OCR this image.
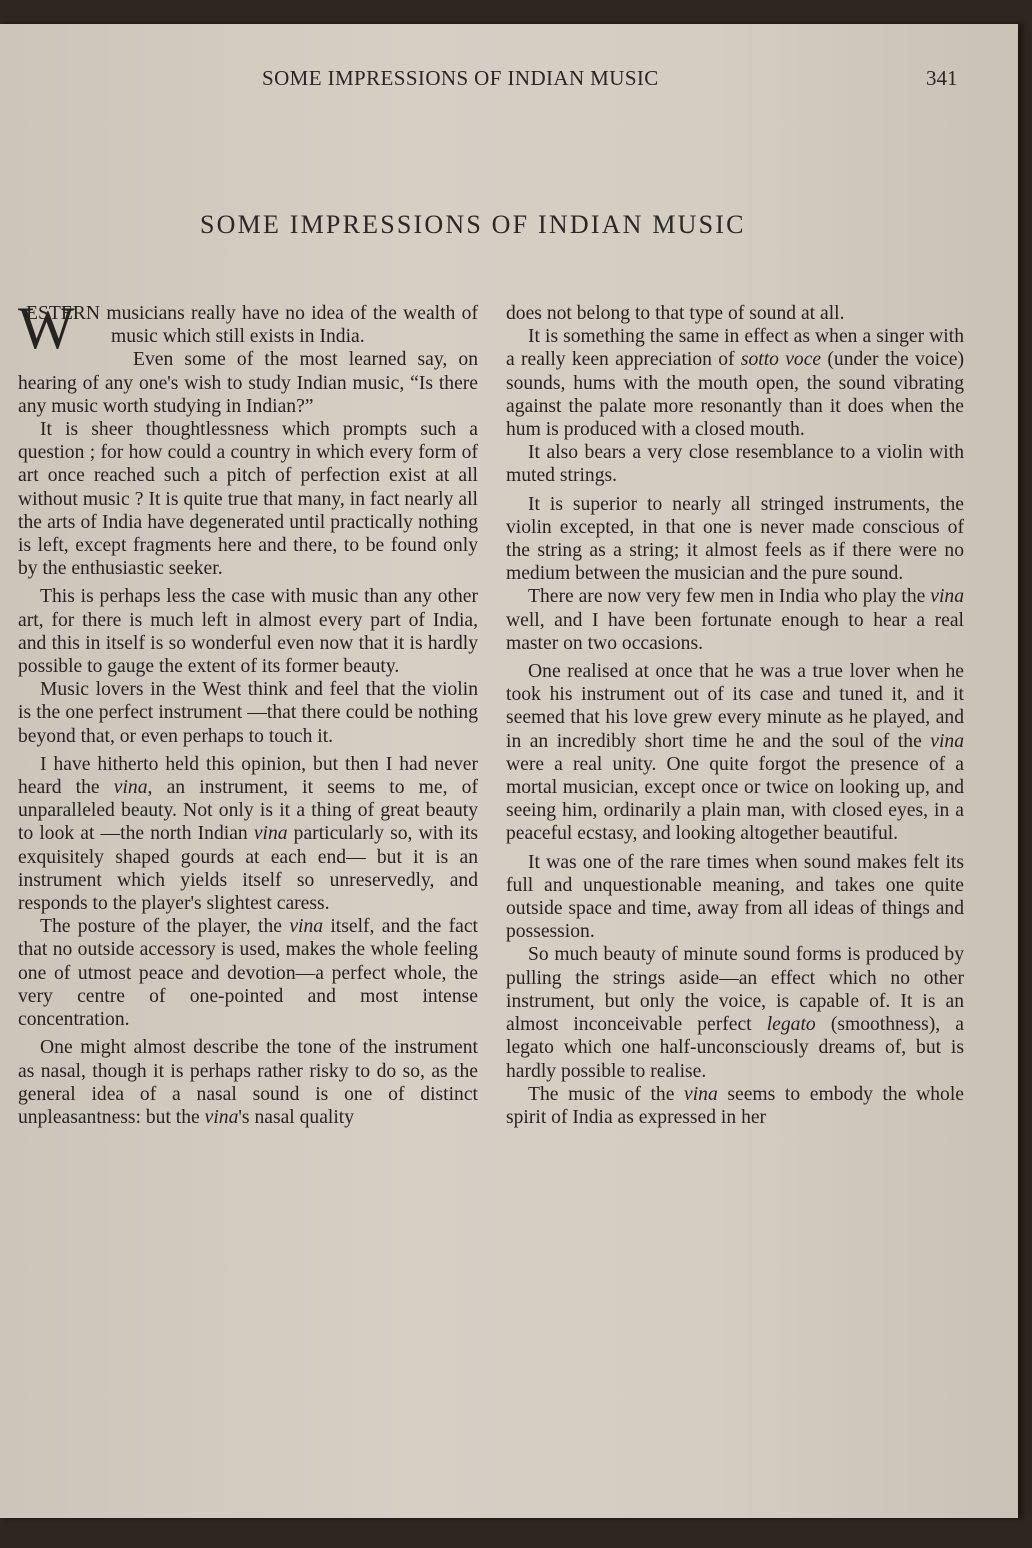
SOME IMPRESSIONS OF INDIAN MUSIC	341
SOME IMPRESSIONS OF INDIAN MUSIC

W
ESTERN musicians really have no idea of the wealth of music which still exists in India.

Even some of the most learned say, on hearing of any one's wish to study Indian music, “Is there any music worth studying in Indian?”

It is sheer thoughtlessness which prompts such a question ; for how could a country in which every form of art once reached such a pitch of perfection exist at all without music ? It is quite true that many, in fact nearly all the arts of India have degenerated until practically nothing is left, except fragments here and there, to be found only by the enthusiastic seeker.

This is perhaps less the case with music than any other art, for there is much left in almost every part of India, and this in itself is so wonderful even now that it is hardly possible to gauge the extent of its former beauty.

Music lovers in the West think and feel that the violin is the one perfect instrument —that there could be nothing beyond that, or even perhaps to touch it.

I have hitherto held this opinion, but then I had never heard the vina, an instrument, it seems to me, of unparalleled beauty. Not only is it a thing of great beauty to look at —the north Indian vina particularly so, with its exquisitely shaped gourds at each end— but it is an instrument which yields itself so unreservedly, and responds to the player's slightest caress.

The posture of the player, the vina itself, and the fact that no outside accessory is used, makes the whole feeling one of utmost peace and devotion—a perfect whole, the very centre of one-pointed and most intense concentration.

One might almost describe the tone of the instrument as nasal, though it is perhaps rather risky to do so, as the general idea of a nasal sound is one of distinct unpleasantness: but the vina's nasal quality

does not belong to that type of sound at all.

It is something the same in effect as when a singer with a really keen appreciation of sotto voce (under the voice) sounds, hums with the mouth open, the sound vibrating against the palate more resonantly than it does when the hum is produced with a closed mouth.

It also bears a very close resemblance to a violin with muted strings.

It is superior to nearly all stringed instruments, the violin excepted, in that one is never made conscious of the string as a string; it almost feels as if there were no medium between the musician and the pure sound.

There are now very few men in India who play the vina well, and I have been fortunate enough to hear a real master on two occasions.

One realised at once that he was a true lover when he took his instrument out of its case and tuned it, and it seemed that his love grew every minute as he played, and in an incredibly short time he and the soul of the vina were a real unity. One quite forgot the presence of a mortal musician, except once or twice on looking up, and seeing him, ordinarily a plain man, with closed eyes, in a peaceful ecstasy, and looking altogether beautiful.

It was one of the rare times when sound makes felt its full and unquestionable meaning, and takes one quite outside space and time, away from all ideas of things and possession.

So much beauty of minute sound forms is produced by pulling the strings aside—an effect which no other instrument, but only the voice, is capable of. It is an almost inconceivable perfect legato (smoothness), a legato which one half-unconsciously dreams of, but is hardly possible to realise.

The music of the vina seems to embody the whole spirit of India as expressed in her
